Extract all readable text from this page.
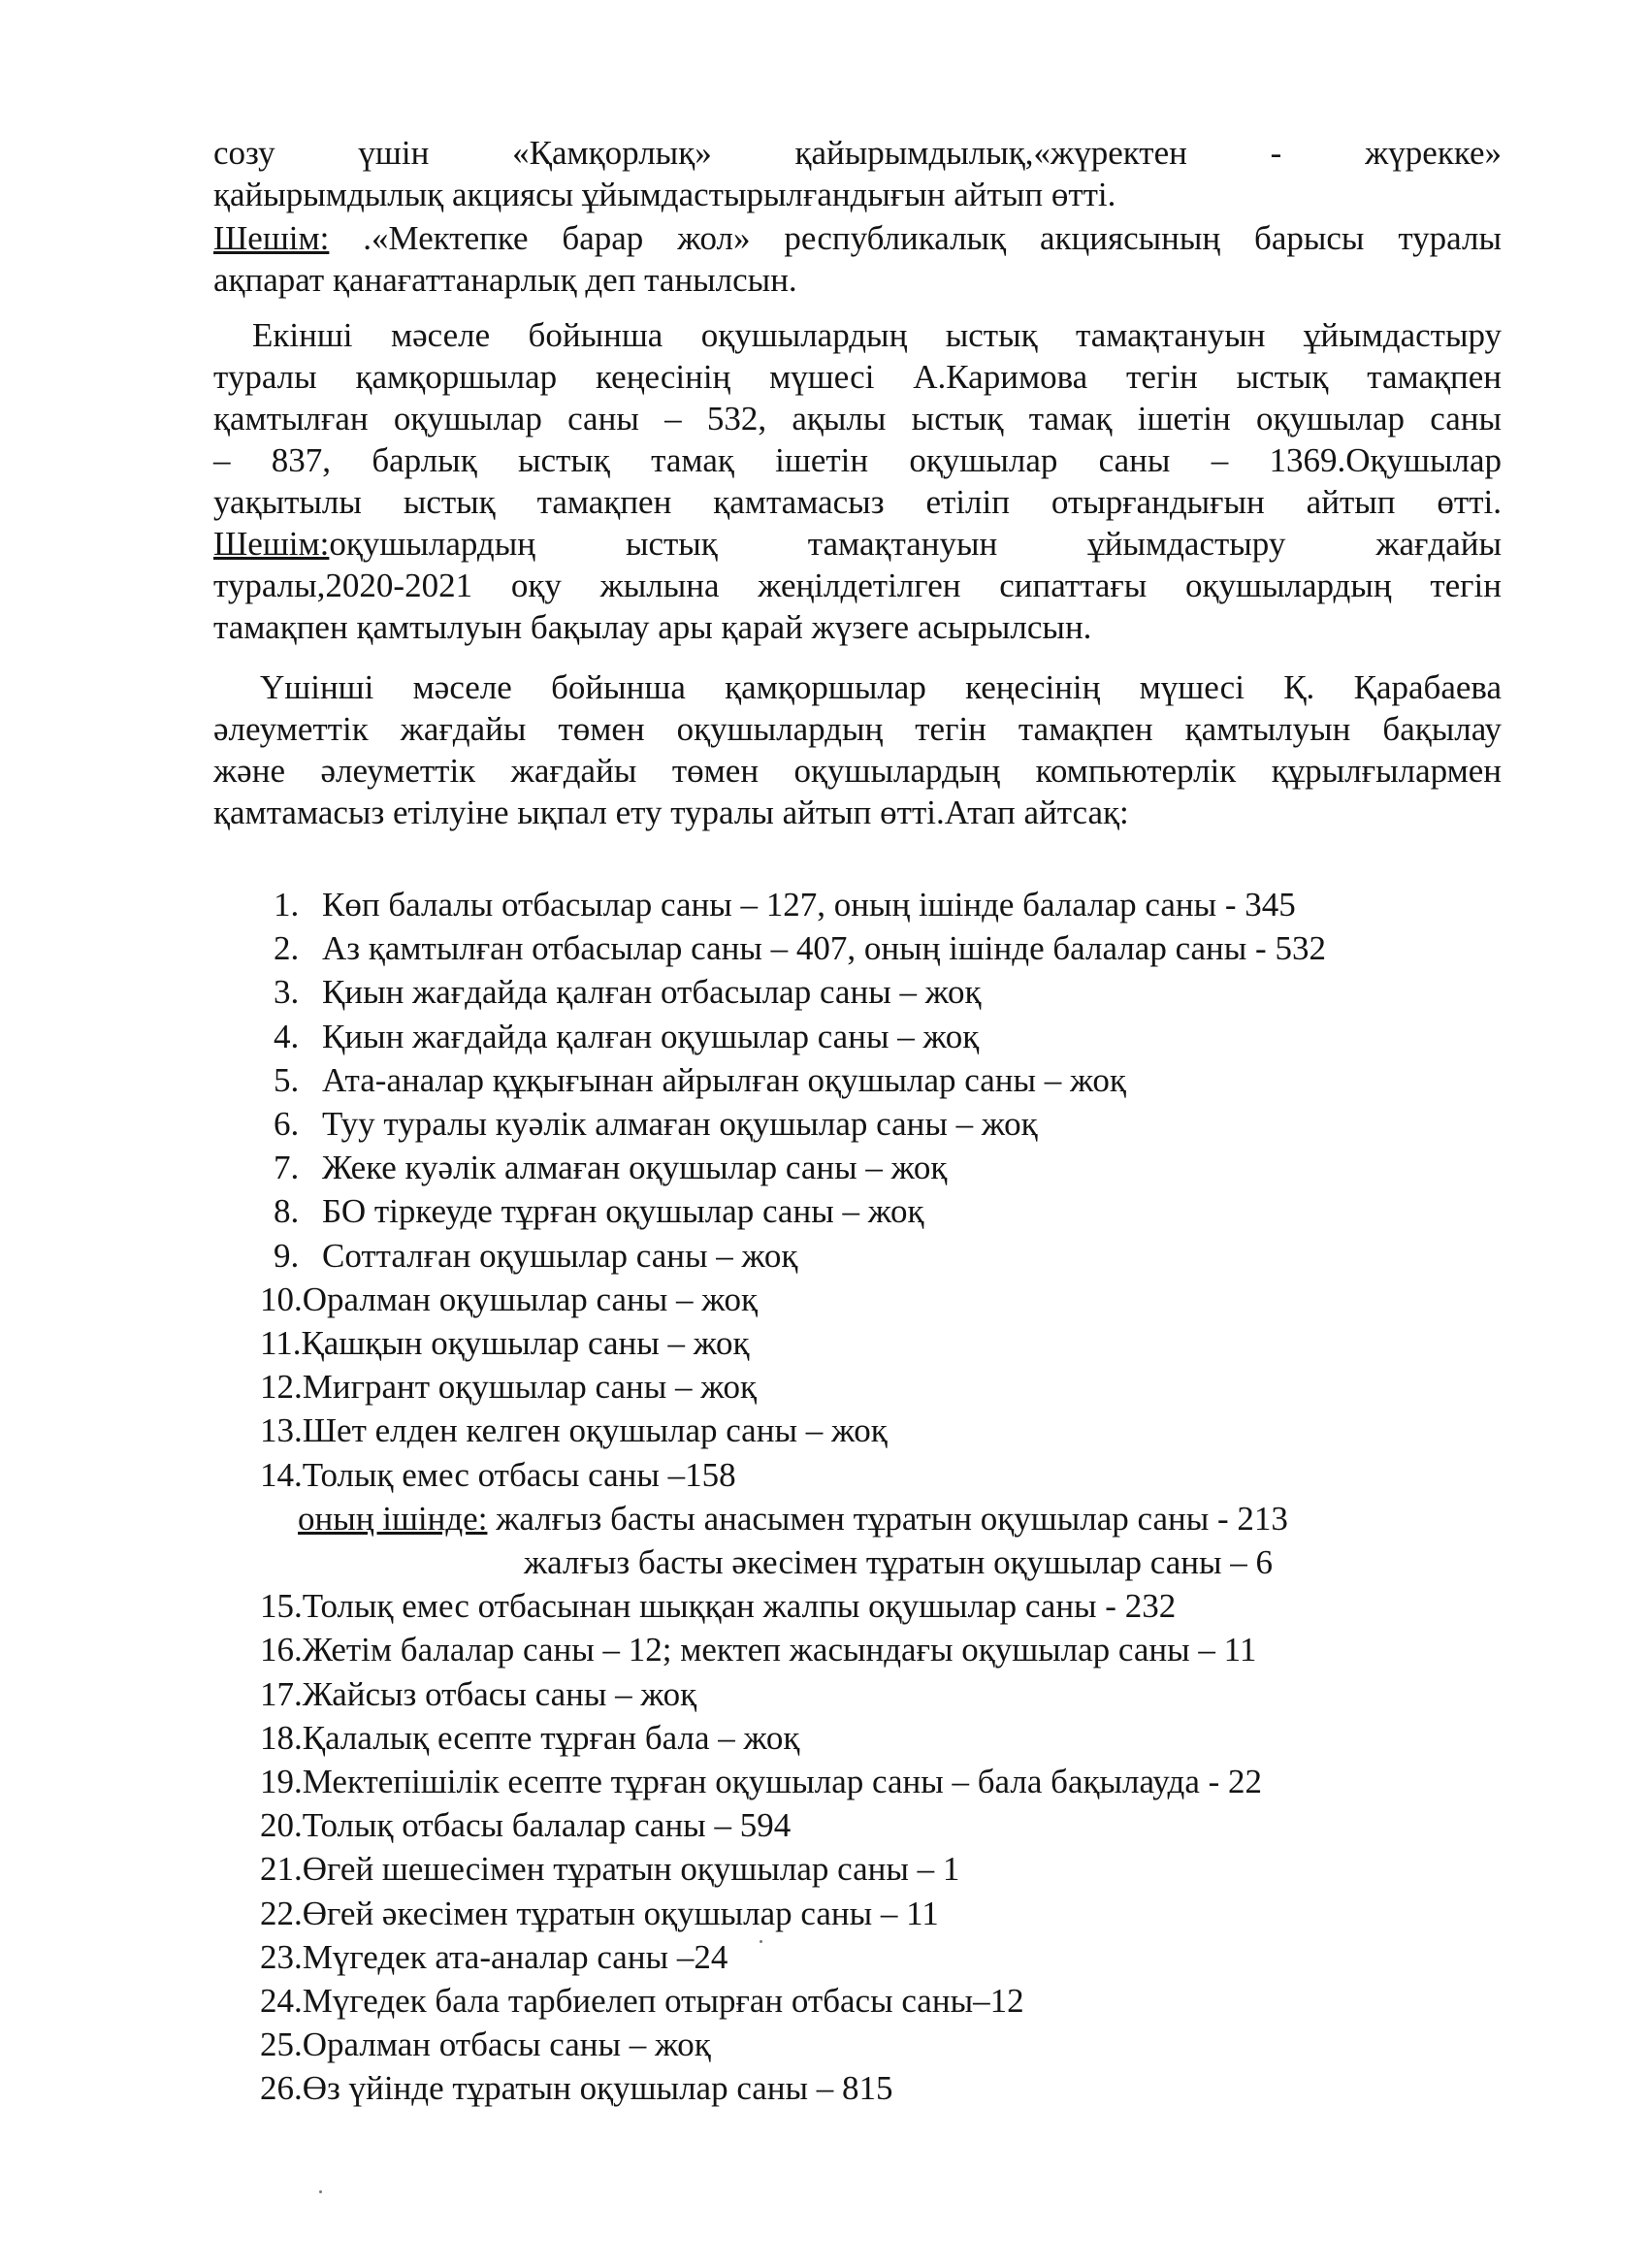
созу үшін «Қамқорлық» қайырымдылық,«жүректен - жүрекке»
қайырымдылық акциясы ұйымдастырылғандығын айтып өтті.
Шешім: .«Мектепке барар жол» республикалық акциясының барысы туралы
ақпарат қанағаттанарлық деп танылсын.
Екінші мәселе бойынша оқушылардың ыстық тамақтануын ұйымдастыру
туралы қамқоршылар кеңесінің мүшесі А.Каримова тегін ыстық тамақпен
қамтылған оқушылар саны – 532, ақылы ыстық тамақ ішетін оқушылар саны
– 837, барлық ыстық тамақ ішетін оқушылар саны – 1369.Оқушылар
уақытылы ыстық тамақпен қамтамасыз етіліп отырғандығын айтып өтті.
Шешім:оқушылардың ыстық тамақтануын ұйымдастыру жағдайы
туралы,2020-2021 оқу жылына жеңілдетілген сипаттағы оқушылардың тегін
тамақпен қамтылуын бақылау ары қарай жүзеге асырылсын.
Үшінші мәселе бойынша қамқоршылар кеңесінің мүшесі Қ. Қарабаева
әлеуметтік жағдайы төмен оқушылардың тегін тамақпен қамтылуын бақылау
және әлеуметтік жағдайы төмен оқушылардың компьютерлік құрылғылармен
қамтамасыз етілуіне ықпал ету туралы айтып өтті.Атап айтсақ:
1. Көп балалы отбасылар саны – 127, оның ішінде балалар саны - 345
2. Аз қамтылған отбасылар саны – 407, оның ішінде балалар саны - 532
3. Қиын жағдайда қалған отбасылар саны – жоқ
4. Қиын жағдайда қалған оқушылар саны – жоқ
5. Ата-аналар құқығынан айрылған оқушылар саны – жоқ
6. Туу туралы куәлік алмаған оқушылар саны – жоқ
7. Жеке куәлік алмаған оқушылар саны – жоқ
8. БО тіркеуде тұрған оқушылар саны – жоқ
9. Сотталған оқушылар саны – жоқ
10. Оралман оқушылар саны – жоқ
11. Қашқын оқушылар саны – жоқ
12. Мигрант оқушылар саны – жоқ
13. Шет елден келген оқушылар саны – жоқ
14. Толық емес отбасы саны –158
оның ішінде: жалғыз басты анасымен тұратын оқушылар саны - 213
жалғыз басты әкесімен тұратын оқушылар саны – 6
15. Толық емес отбасынан шыққан жалпы оқушылар саны - 232
16. Жетім балалар саны – 12; мектеп жасындағы оқушылар саны – 11
17. Жайсыз отбасы саны – жоқ
18. Қалалық есепте тұрған бала – жоқ
19. Мектепішілік есепте тұрған оқушылар саны – бала бақылауда - 22
20. Толық отбасы балалар саны – 594
21. Өгей шешесімен тұратын оқушылар саны – 1
22. Өгей әкесімен тұратын оқушылар саны – 11
23. Мүгедек ата-аналар саны –24
24. Мүгедек бала тарбиелеп отырған отбасы саны–12
25. Оралман отбасы саны – жоқ
26. Өз үйінде тұратын оқушылар саны – 815
